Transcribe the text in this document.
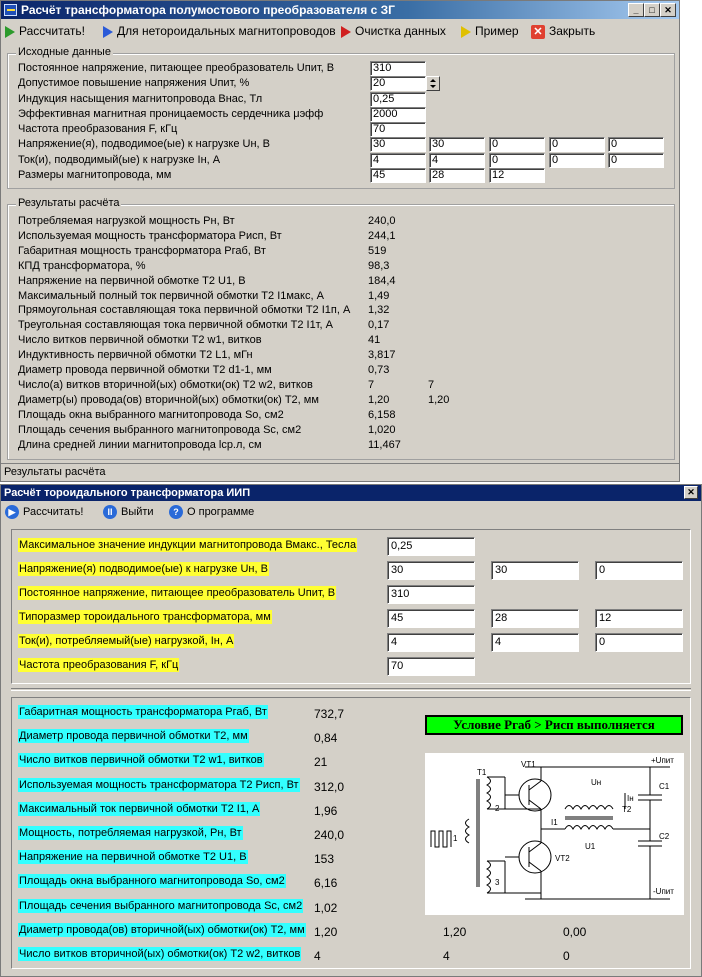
Расчёт трансформатора полумостового преобразователя с ЗГ	_	□	✕
Рассчитать!	Для нетороидальных магнитопроводов	Очистка данных	Пример ✕ Закрыть
Исходные данные
Постоянное напряжение, питающее преобразователь Uпит, В	310
Допустимое повышение напряжения Uпит, %	20
Индукция насыщения магнитопровода Внас, Тл	0,25
Эффективная магнитная проницаемость сердечника μэфф	2000
Частота преобразования F, кГц	70
Напряжение(я), подводимое(ые) к нагрузке Uн, В	30	30	0	0	0
Ток(и), подводимый(ые) к нагрузке Iн, А	4	4	0	0	0
Размеры магнитопровода, мм	45	28	12
Результаты расчёта
Потребляемая нагрузкой мощность Рн, Вт	240,0
Используемая мощность трансформатора Рисп, Вт	244,1
Габаритная мощность трансформатора Ргаб, Вт	519
КПД трансформатора, %	98,3
Напряжение на первичной обмотке Т2 U1, В	184,4
Максимальный полный ток первичной обмотки Т2 I1макс, А	1,49
Прямоугольная составляющая тока первичной обмотки Т2 I1п, А 1,32
Треугольная составляющая тока первичной обмотки Т2 I1т, А	0,17
Число витков первичной обмотки Т2 w1, витков	41
Индуктивность первичной обмотки Т2 L1, мГн	3,817
Диаметр провода первичной обмотки Т2 d1-1, мм	0,73
Число(а) витков вторичной(ых) обмотки(ок) Т2 w2, витков	7	7
Диаметр(ы) провода(ов) вторичной(ых) обмотки(ок) Т2, мм	1,20	1,20
Площадь окна выбранного магнитопровода So, см2	6,158
Площадь сечения выбранного магнитопровода Sc, см2	1,020
Длина средней линии магнитопровода lср.л, см	11,467
Результаты расчёта
Расчёт тороидального трансформатора ИИП	✕
▶ Рассчитать!	II Выйти	? О программе
Максимальное значение индукции магнитопровода Вмакс., Тесла	0,25
Напряжение(я) подводимое(ые) к нагрузке Uн, В	30	30	0
Постоянное напряжение, питающее преобразователь Uпит, В	310
Типоразмер тороидального трансформатора, мм	45	28	12
Ток(и), потребляемый(ые) нагрузкой, Iн, А	4	4	0
Частота преобразования F, кГц	70
Габаритная мощность трансформатора Ргаб, Вт	732,7
Диаметр провода первичной обмотки Т2, мм	0,84
Число витков первичной обмотки Т2 w1, витков	21
Используемая мощность трансформатора Т2 Рисп, Вт 312,0
Максимальный ток первичной обмотки Т2 I1, А	1,96
Мощность, потребляемая нагрузкой, Рн, Вт	240,0
Напряжение на первичной обмотке Т2 U1, В	153
Площадь окна выбранного магнитопровода So, см2 6,16
Площадь сечения выбранного магнитопровода Sc, см2 1,02
Диаметр провода(ов) вторичной(ых) обмотки(ок) Т2, мм 1,20	1,20	0,00
Число витков вторичной(ых) обмотки(ок) Т2 w2, витков 4	4	0
Условие Ргаб > Рисп выполняется
+Uпит
-Uпит
T1
T2
VT1
VT2
C1
C2
I1
U1
Uн
Iн
1
2
3
